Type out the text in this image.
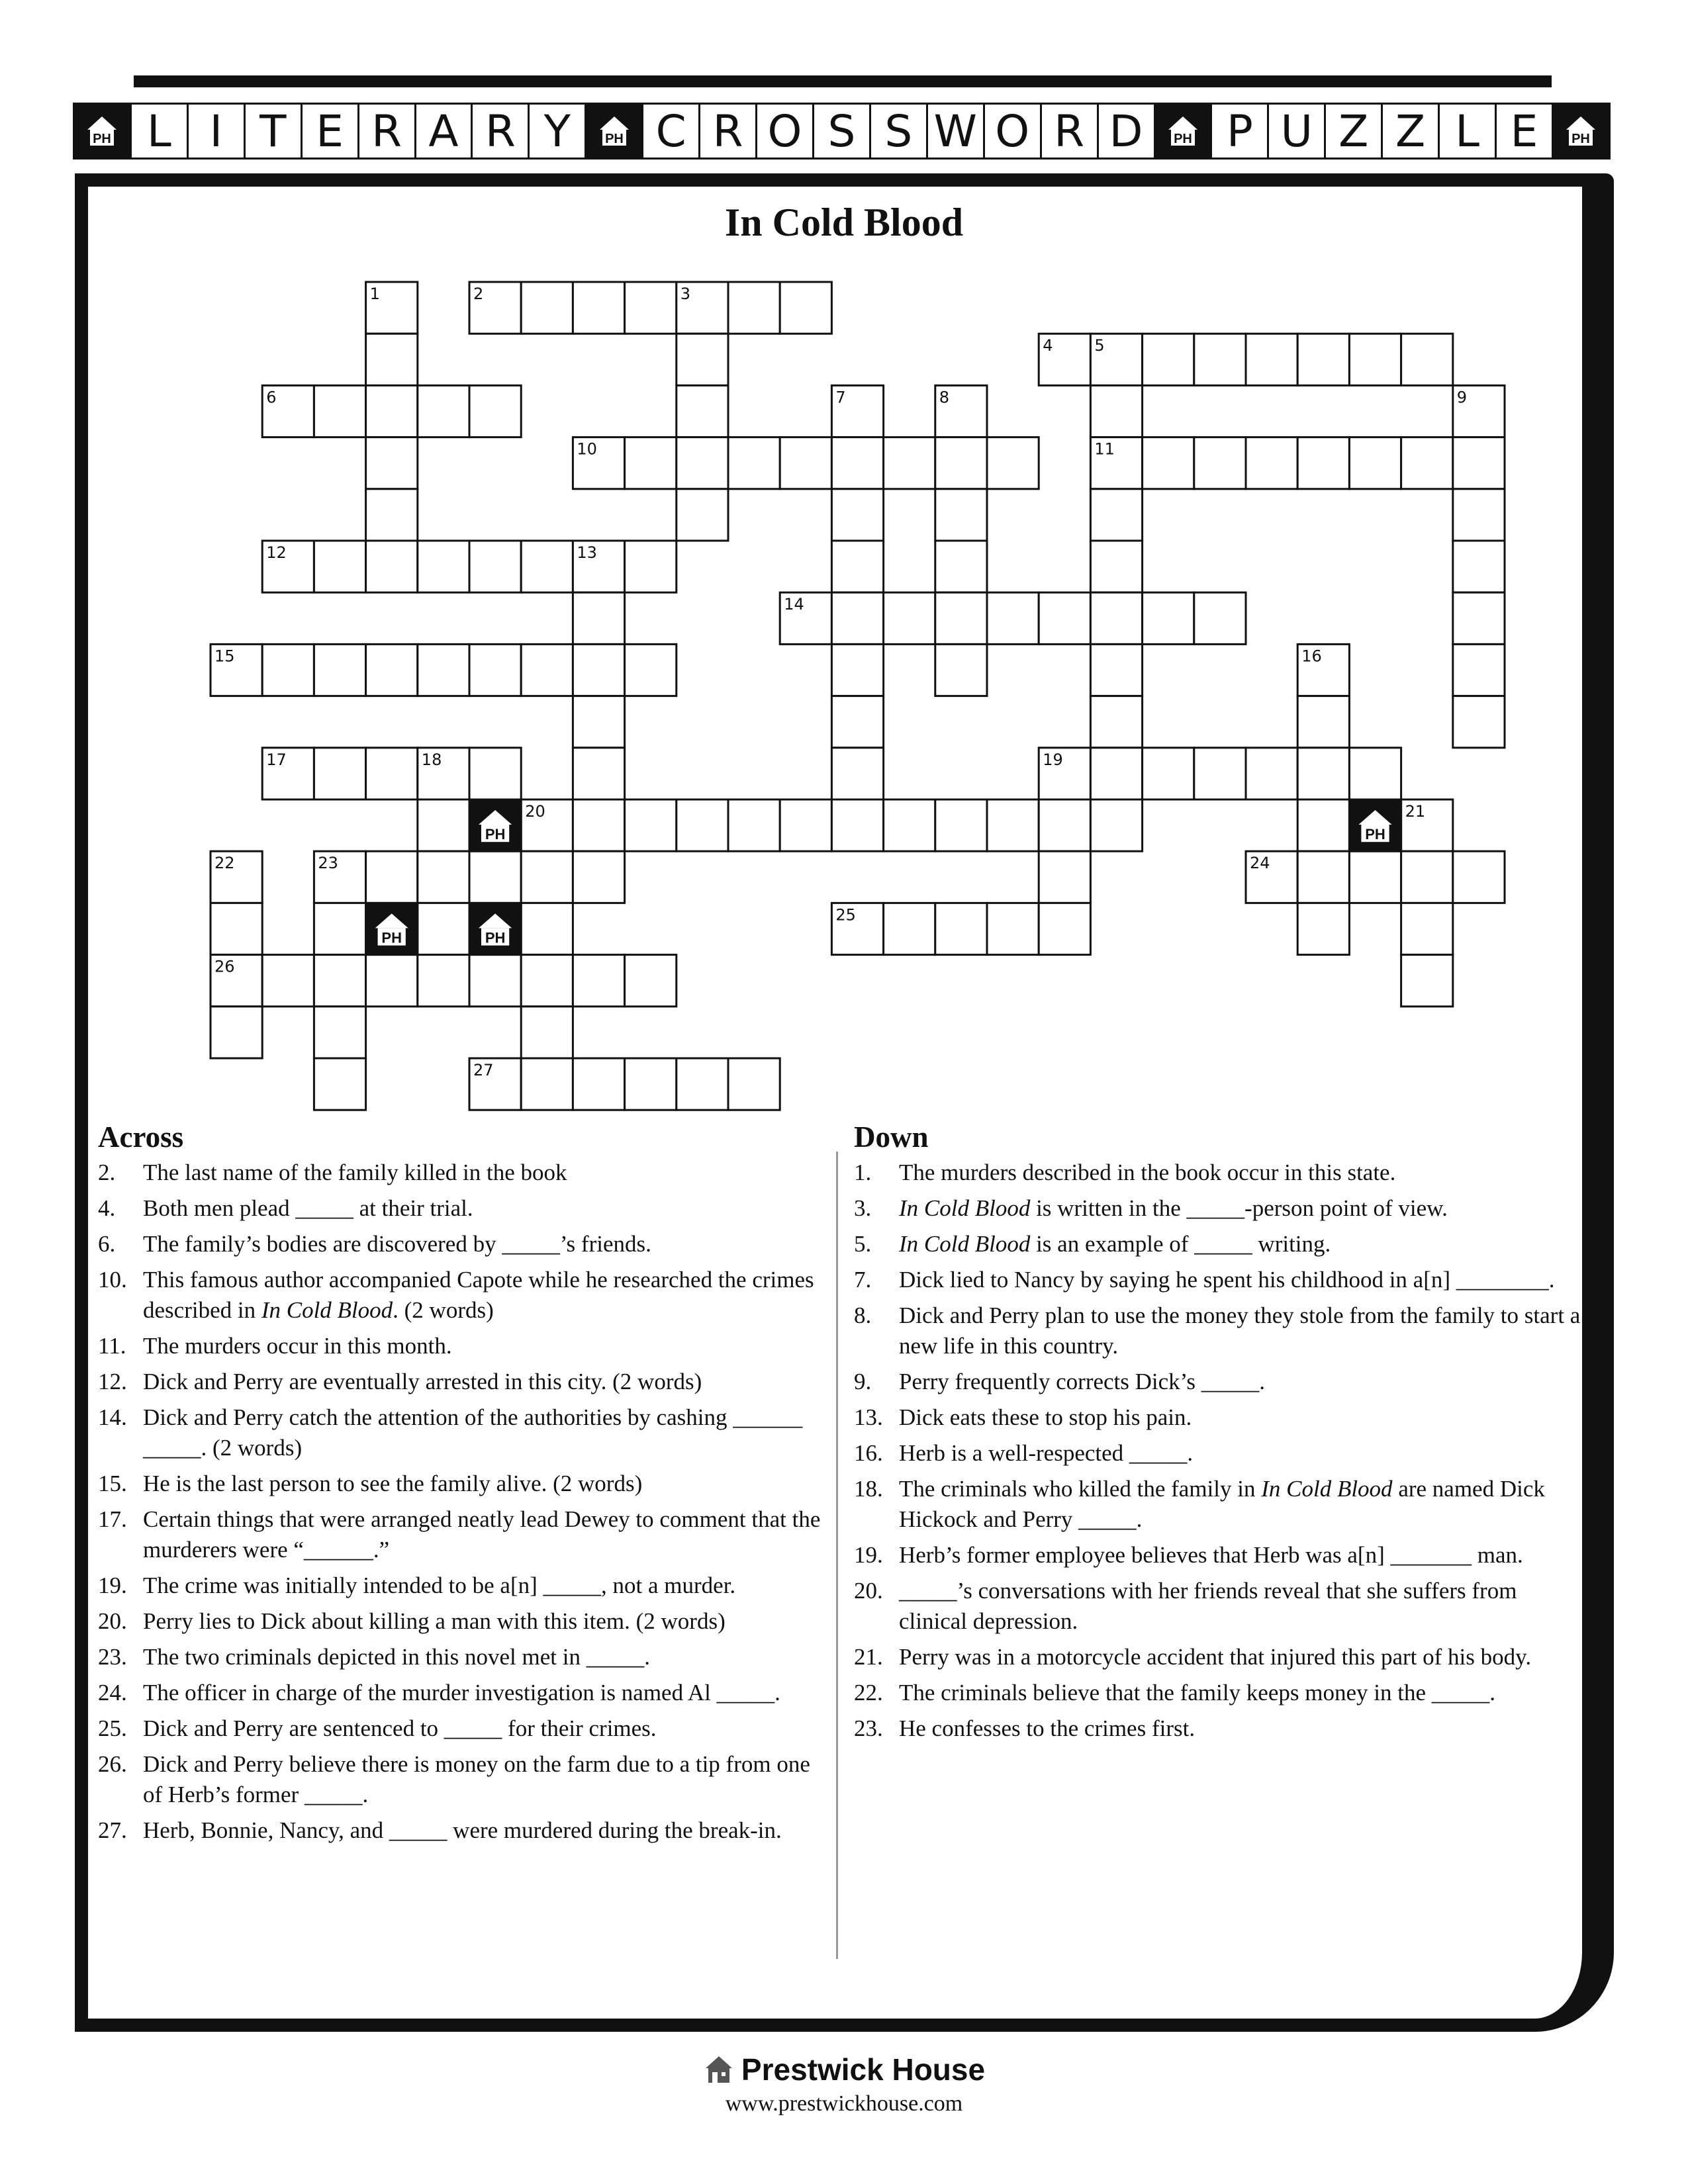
PH L I T E R A R Y	PH C R O S S W O R D	PH P U Z Z L E	PH
In Cold Blood
PH	PH
PH	PH
1	2	3
4	5
6	7	8	9
10	11
12	13
14
15	16
17	18	19
20	21
22	23	24
25
26
27
Across
2.	The last name of the family killed in the book
4.	Both men plead _____ at their trial.
6.	The family’s bodies are discovered by _____’s friends.
10. This famous author accompanied Capote while he researched the crimes described in In Cold Blood. (2 words)
11. The murders occur in this month.
12. Dick and Perry are eventually arrested in this city. (2 words)
14. Dick and Perry catch the attention of the authorities by cashing ______ _____. (2 words)
15. He is the last person to see the family alive. (2 words)
17. Certain things that were arranged neatly lead Dewey to comment that the murderers were “______.”
19. The crime was initially intended to be a[n] _____, not a murder.
20. Perry lies to Dick about killing a man with this item. (2 words)
23. The two criminals depicted in this novel met in _____.
24. The officer in charge of the murder investigation is named Al _____.
25. Dick and Perry are sentenced to _____ for their crimes.
26. Dick and Perry believe there is money on the farm due to a tip from one of Herb’s former _____.
27. Herb, Bonnie, Nancy, and _____ were murdered during the break-in.
Down
1.	The murders described in the book occur in this state.
3.	In Cold Blood is written in the _____-person point of view.
5.	In Cold Blood is an example of _____ writing.
7.	Dick lied to Nancy by saying he spent his childhood in a[n] ________.
8.	Dick and Perry plan to use the money they stole from the family to start a new life in this country.
9.	Perry frequently corrects Dick’s _____.
13. Dick eats these to stop his pain.
16. Herb is a well-respected _____.
18. The criminals who killed the family in In Cold Blood are named Dick Hickock and Perry _____.
19. Herb’s former employee believes that Herb was a[n] _______ man.
20. _____’s conversations with her friends reveal that she suffers from clinical depression.
21. Perry was in a motorcycle accident that injured this part of his body.
22. The criminals believe that the family keeps money in the _____.
23. He confesses to the crimes first.
Prestwick House
www.prestwickhouse.com
